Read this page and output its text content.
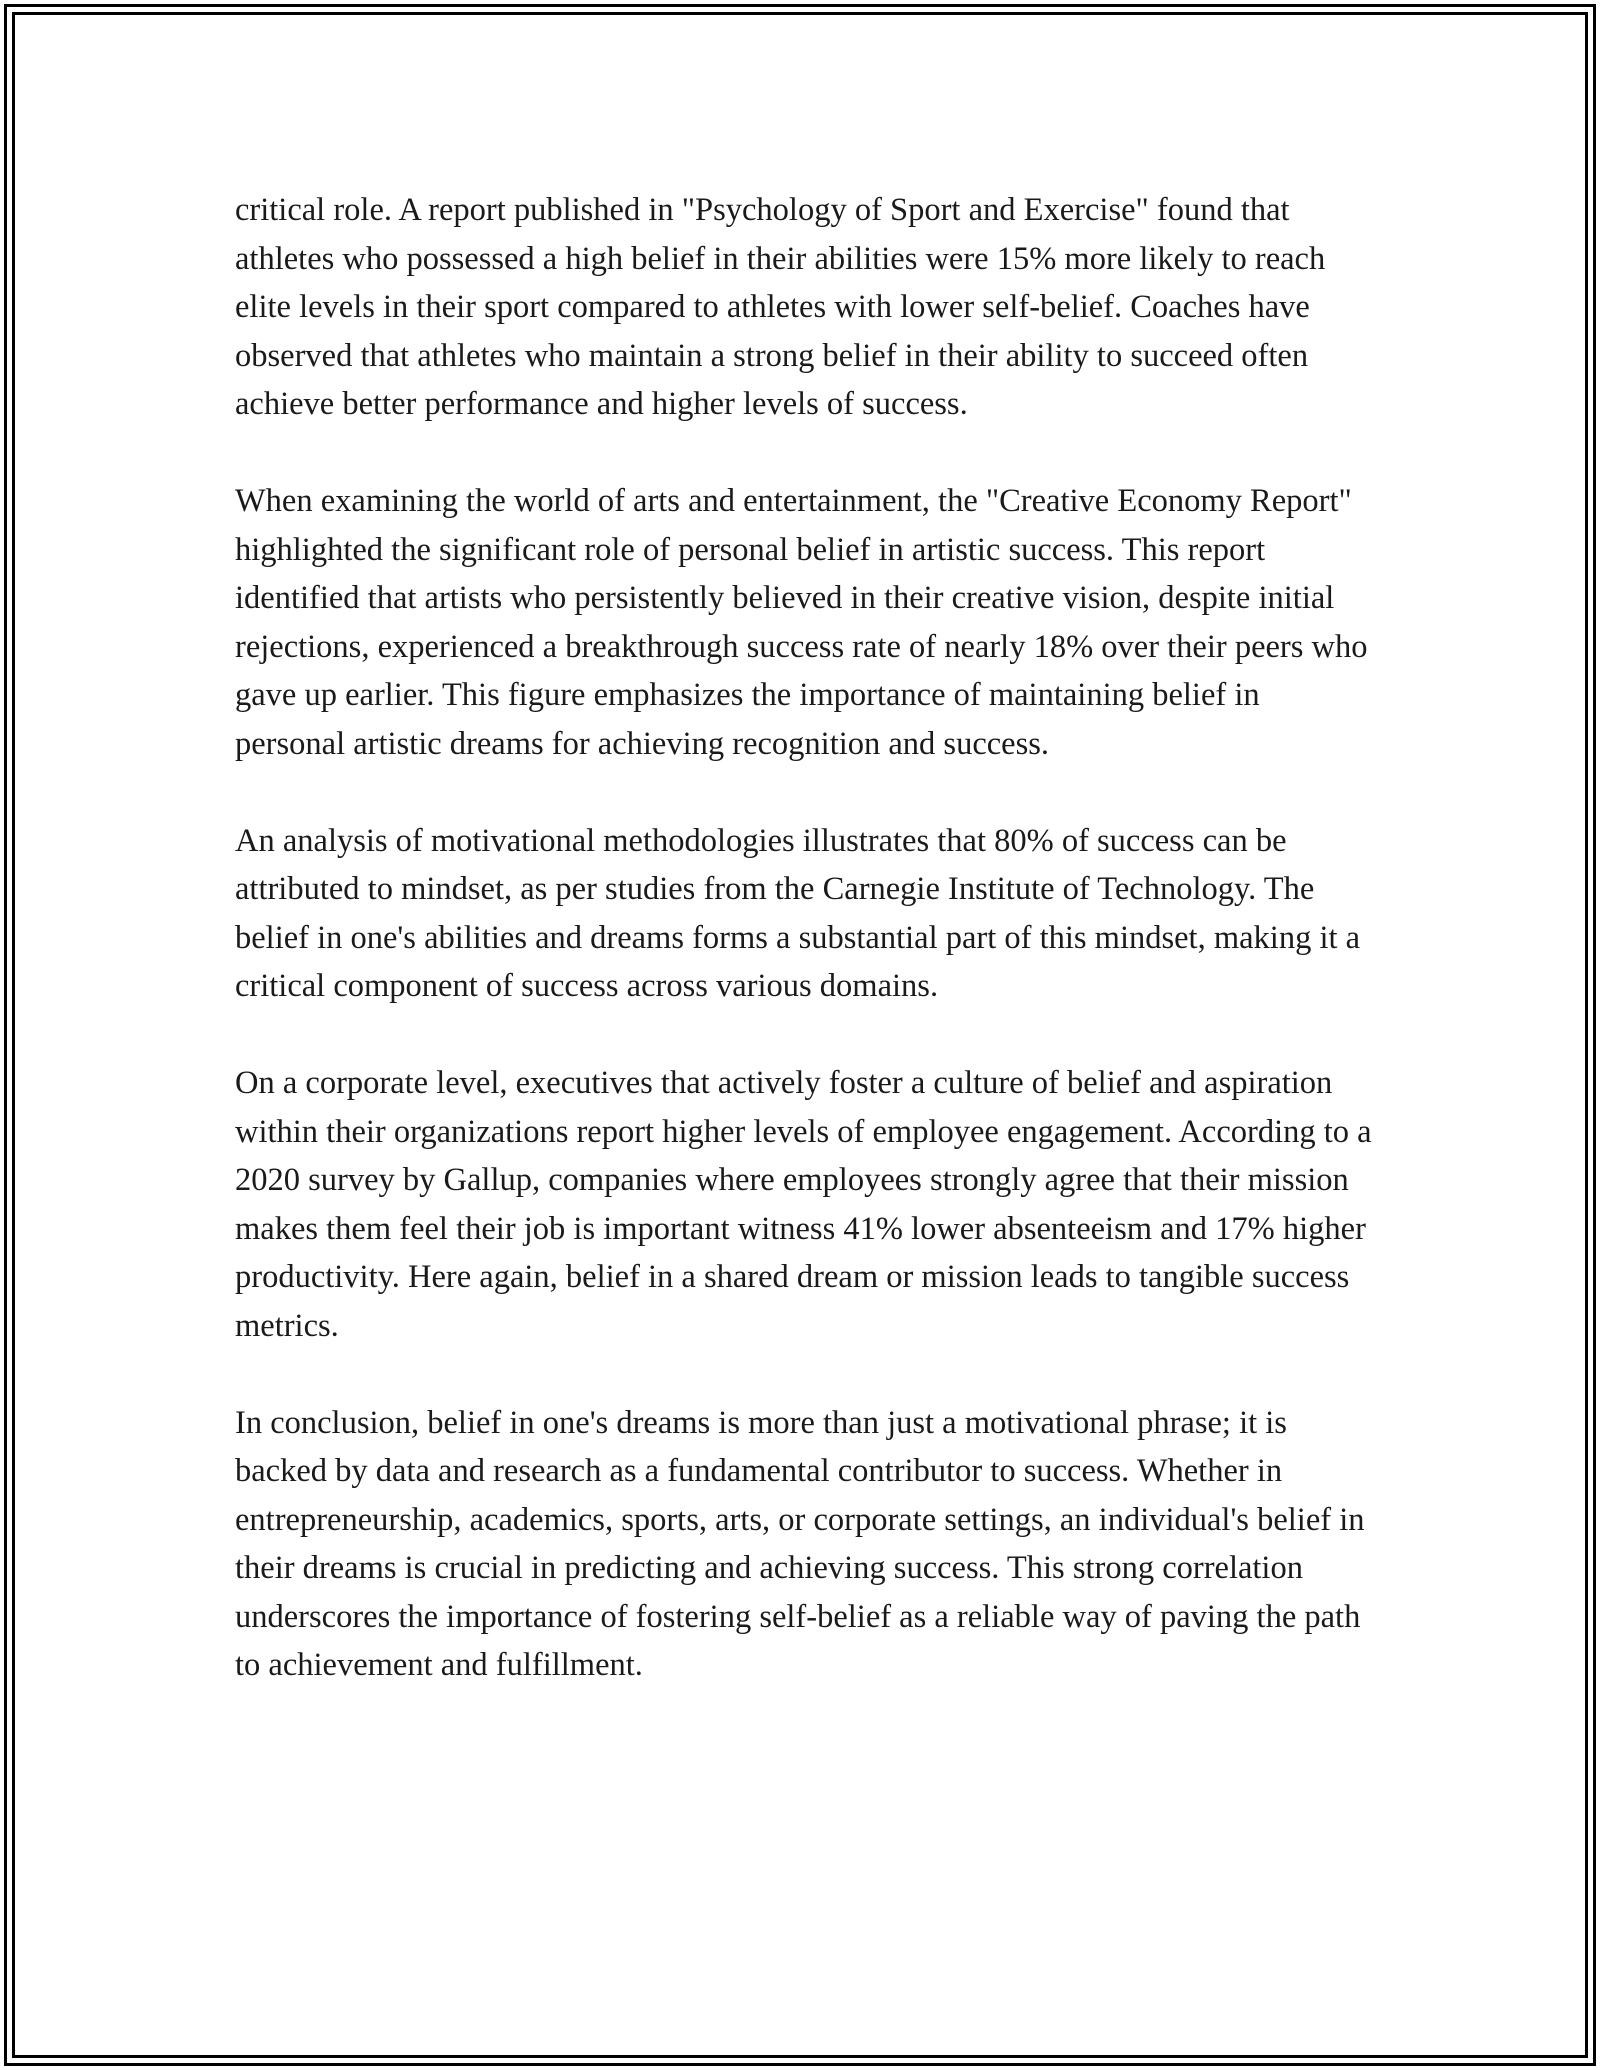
critical role. A report published in "Psychology of Sport and Exercise" found that athletes who possessed a high belief in their abilities were 15% more likely to reach elite levels in their sport compared to athletes with lower self-belief. Coaches have observed that athletes who maintain a strong belief in their ability to succeed often achieve better performance and higher levels of success.

When examining the world of arts and entertainment, the "Creative Economy Report" highlighted the significant role of personal belief in artistic success. This report identified that artists who persistently believed in their creative vision, despite initial rejections, experienced a breakthrough success rate of nearly 18% over their peers who gave up earlier. This figure emphasizes the importance of maintaining belief in personal artistic dreams for achieving recognition and success.

An analysis of motivational methodologies illustrates that 80% of success can be attributed to mindset, as per studies from the Carnegie Institute of Technology. The belief in one's abilities and dreams forms a substantial part of this mindset, making it a critical component of success across various domains.

On a corporate level, executives that actively foster a culture of belief and aspiration within their organizations report higher levels of employee engagement. According to a 2020 survey by Gallup, companies where employees strongly agree that their mission makes them feel their job is important witness 41% lower absenteeism and 17% higher productivity. Here again, belief in a shared dream or mission leads to tangible success metrics.

In conclusion, belief in one's dreams is more than just a motivational phrase; it is backed by data and research as a fundamental contributor to success. Whether in entrepreneurship, academics, sports, arts, or corporate settings, an individual's belief in their dreams is crucial in predicting and achieving success. This strong correlation underscores the importance of fostering self-belief as a reliable way of paving the path to achievement and fulfillment.
